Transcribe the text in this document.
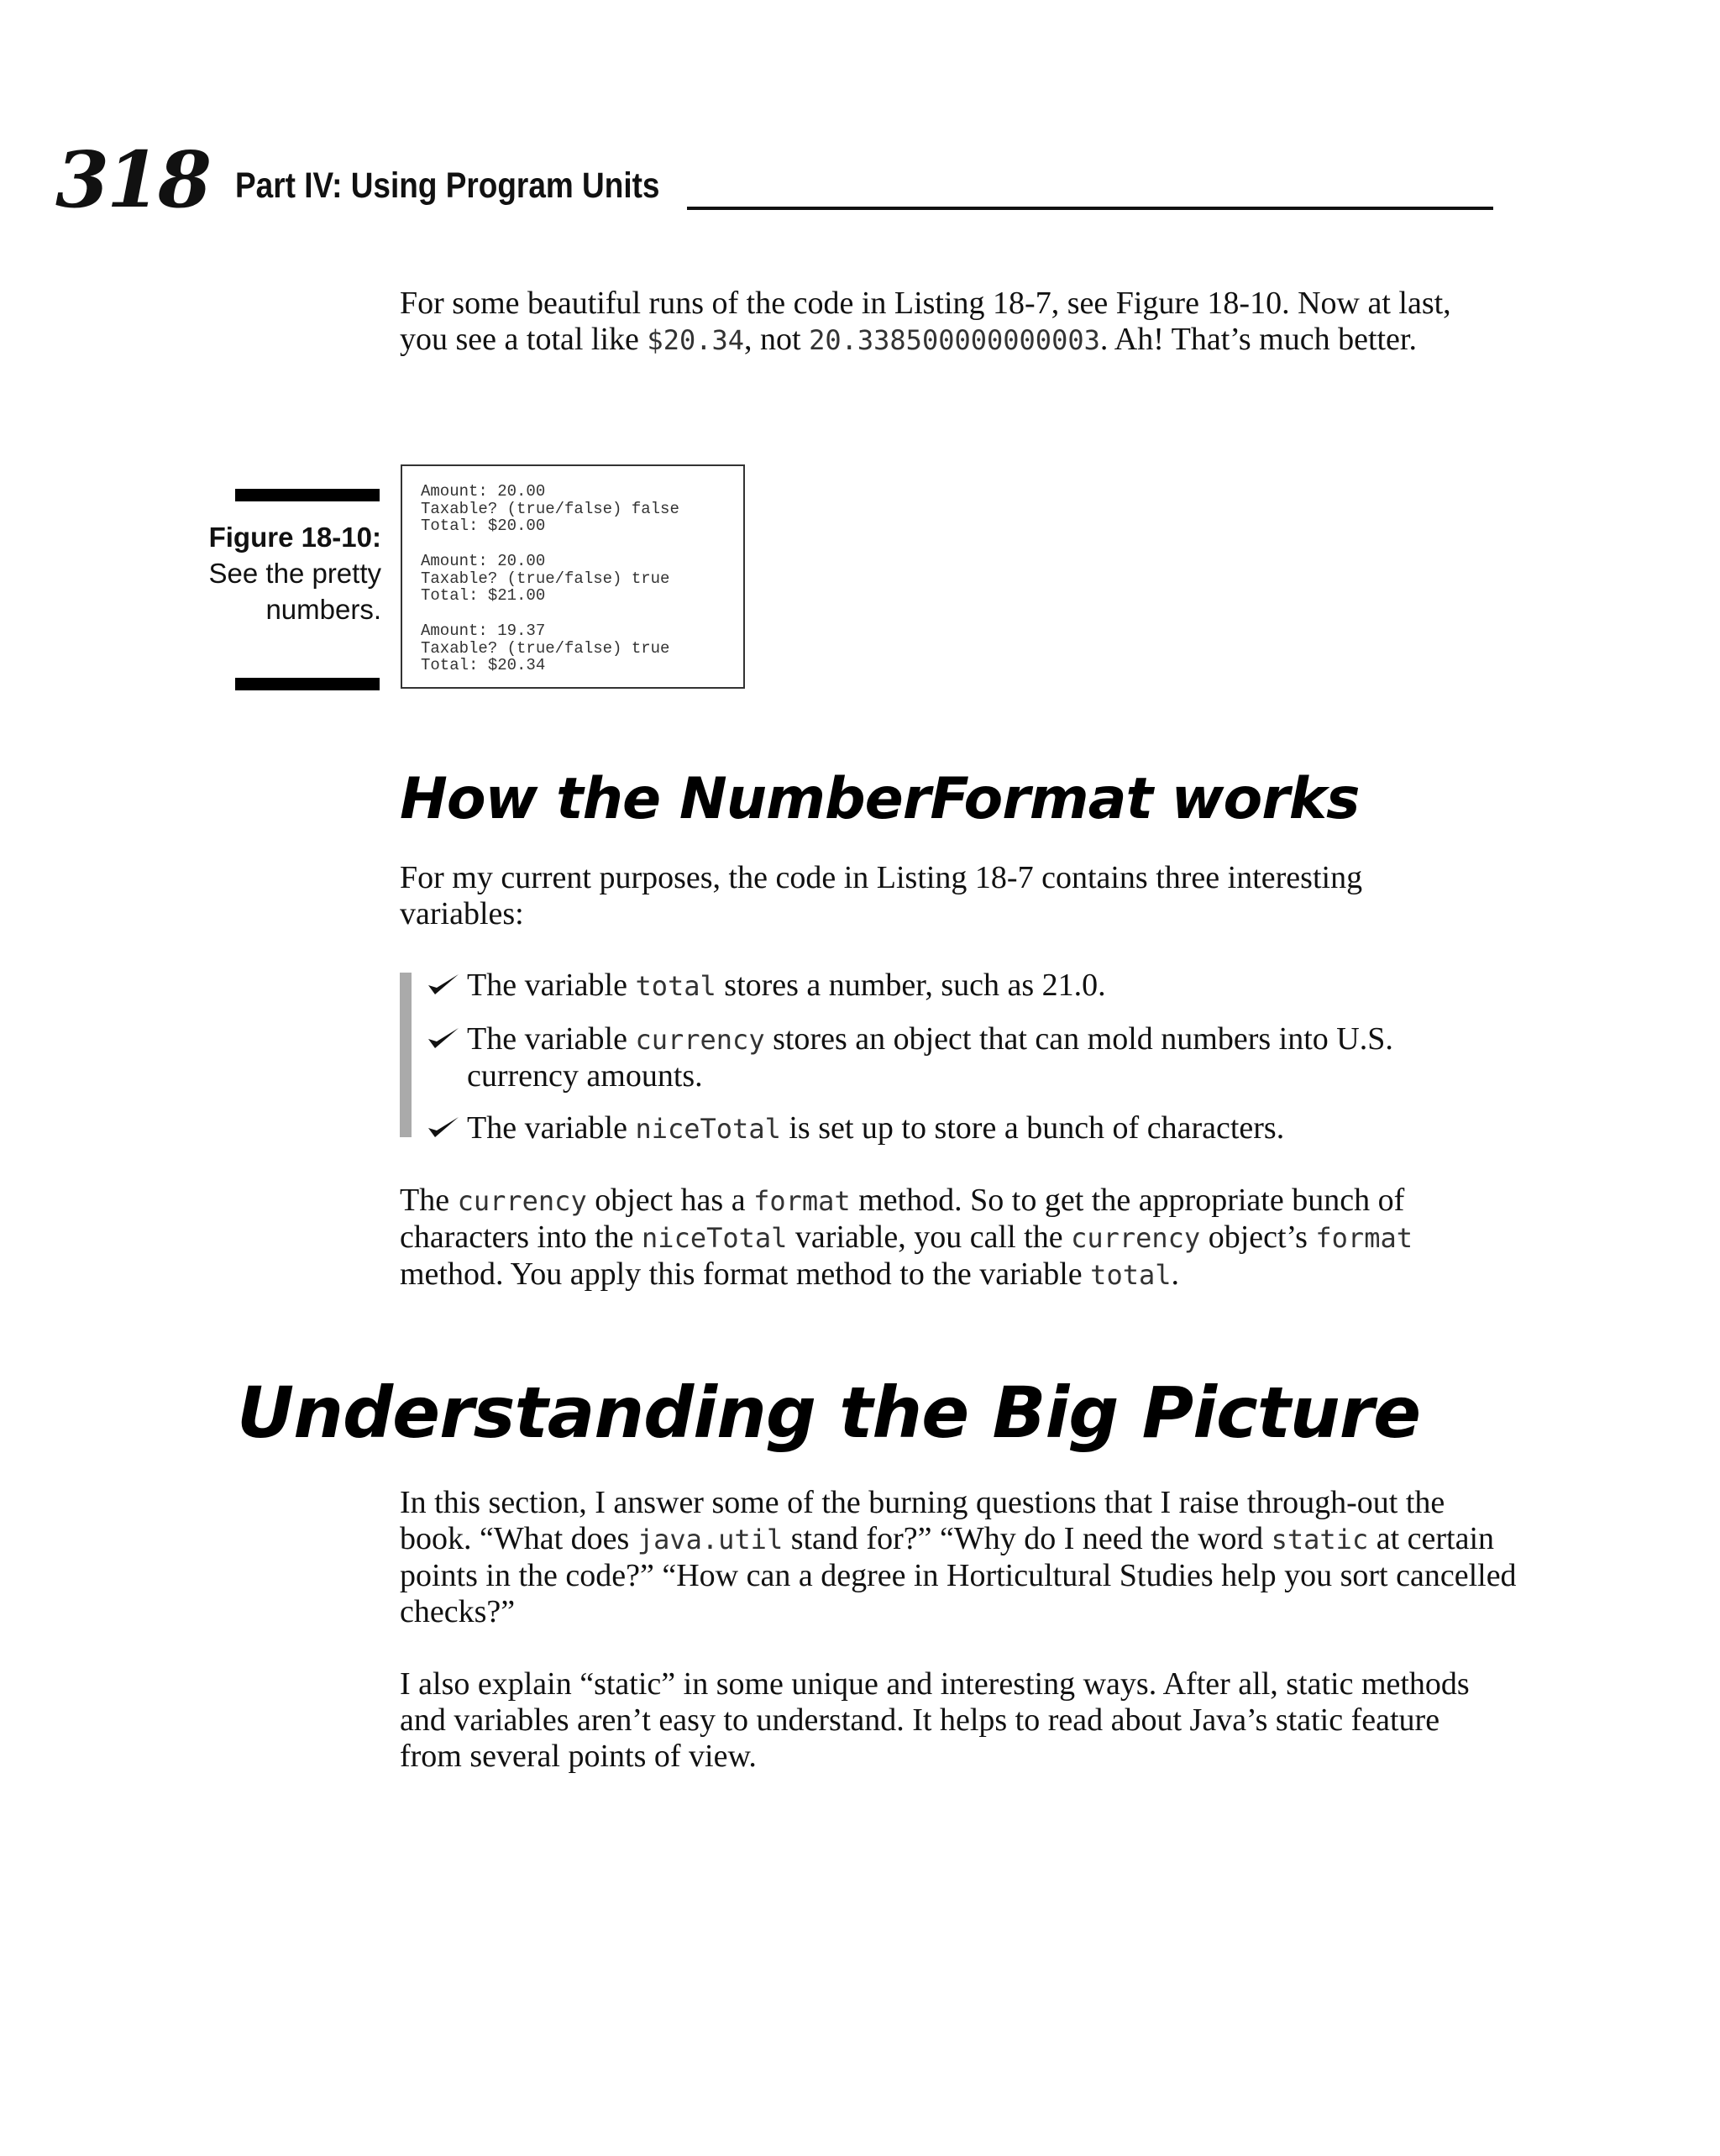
318 Part IV: Using Program Units

For some beautiful runs of the code in Listing 18-7, see Figure 18-10. Now at last, you see a total like $20.34, not 20.338500000000003. Ah! That’s much better.

Figure 18-10:
See the pretty numbers.

Amount: 20.00
Taxable? (true/false) false
Total: $20.00
Amount: 20.00
Taxable? (true/false) true
Total: $21.00
Amount: 19.37
Taxable? (true/false) true
Total: $20.34
How the NumberFormat works

For my current purposes, the code in Listing 18-7 contains three interesting variables:

The variable total stores a number, such as 21.0.

The variable currency stores an object that can mold numbers into U.S. currency amounts.

The variable niceTotal is set up to store a bunch of characters.

The currency object has a format method. So to get the appropriate bunch of characters into the niceTotal variable, you call the currency object’s format method. You apply this format method to the variable total.

Understanding the Big Picture

In this section, I answer some of the burning questions that I raise through-out the book. “What does java.util stand for?” “Why do I need the word static at certain points in the code?” “How can a degree in Horticultural Studies help you sort cancelled checks?”

I also explain “static” in some unique and interesting ways. After all, static methods and variables aren’t easy to understand. It helps to read about Java’s static feature from several points of view.
